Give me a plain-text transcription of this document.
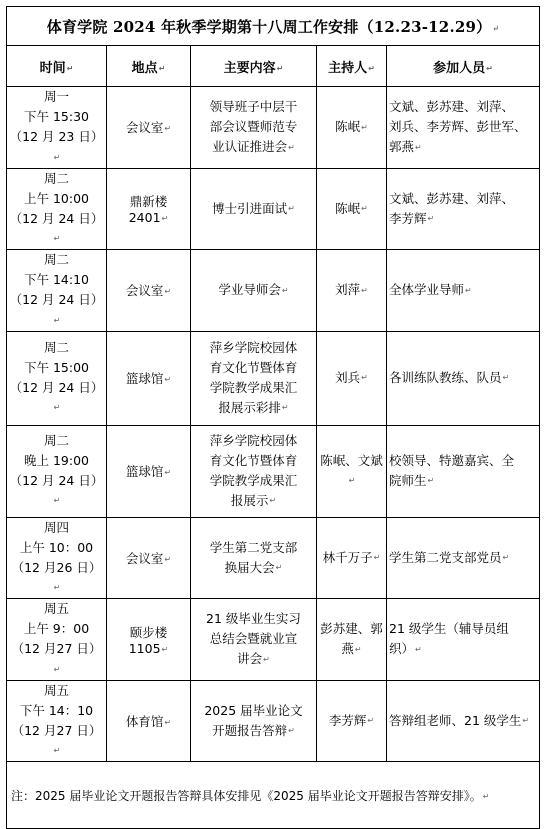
体育学院 2024 年秋季学期第十八周工作安排（12.23-12.29）↵				
时间↵	地点↵	主要内容↵	主持人↵	参加人员↵

周一
下午 15:30
（12 月 23 日）↵	会议室↵	领导班子中层干
部会议暨师范专
业认证推进会↵	陈岷↵	文斌、彭苏建、刘萍、
刘兵、李芳辉、彭世军、
郭燕↵

周二
上午 10:00
（12 月 24 日）↵	鼎新楼 2401↵	博士引进面试↵	陈岷↵	文斌、彭苏建、刘萍、
李芳辉↵

周二
下午 14:10
（12 月 24 日）↵	会议室↵	学业导师会↵	刘萍↵	全体学业导师↵

周二
下午 15:00
（12 月 24 日）↵	篮球馆↵	萍乡学院校园体
育文化节暨体育
学院教学成果汇
报展示彩排↵	刘兵↵	各训练队教练、队员↵

周二
晚上 19:00
（12 月 24 日）↵	篮球馆↵	萍乡学院校园体
育文化节暨体育
学院教学成果汇
报展示↵	陈岷、文斌↵	校领导、特邀嘉宾、全
院师生↵

周四
上午 10：00
（12 月26 日）↵	会议室↵	学生第二党支部
换届大会↵	林千万子↵	学生第二党支部党员↵

周五
上午 9：00
（12 月27 日）↵	颐步楼 1105↵	21 级毕业生实习
总结会暨就业宣
讲会↵	彭苏建、郭
燕↵	21 级学生（辅导员组
织）↵

周五
下午 14：10
（12 月27 日）↵	体育馆↵	2025 届毕业论文
开题报告答辩↵	李芳辉↵	答辩组老师、21 级学生↵

注：2025 届毕业论文开题报告答辩具体安排见《2025 届毕业论文开题报告答辩安排》。↵				
